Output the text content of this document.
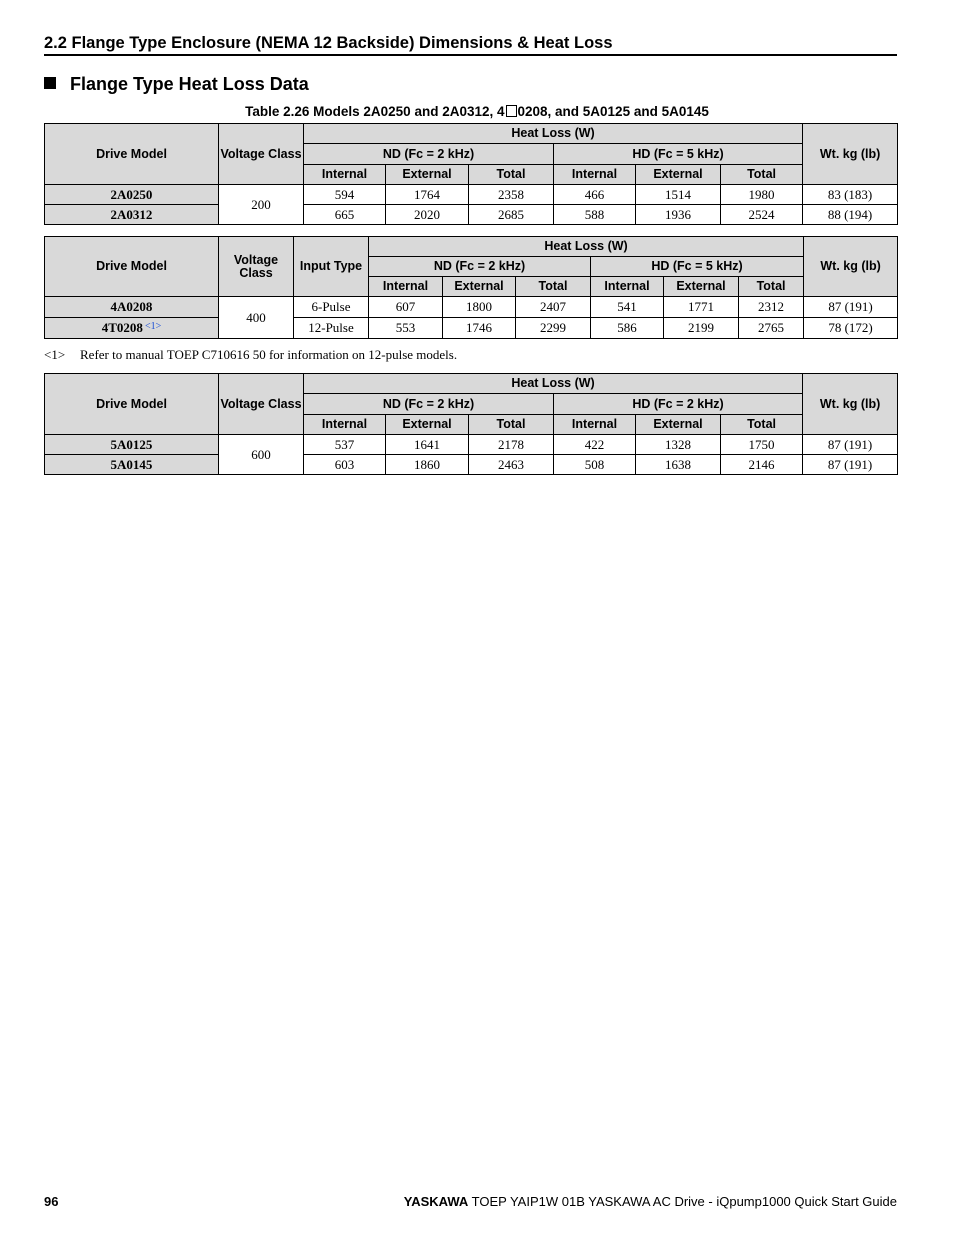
2.2 Flange Type Enclosure (NEMA 12 Backside) Dimensions & Heat Loss
Flange Type Heat Loss Data
Table 2.26 Models 2A0250 and 2A0312, 4 0208, and 5A0125 and 5A0145
Drive Model	Voltage Class	Heat Loss (W)						Wt. kg (lb)
		ND (Fc = 2 kHz)			HD (Fc = 5 kHz)			
		Internal	External	Total	Internal	External	Total	
2A0250	200	594	1764	2358	466	1514	1980	83 (183)
2A0312		665	2020	2685	588	1936	2524	88 (194)
Drive Model	Voltage Class	Input Type	Heat Loss (W)						Wt. kg (lb)
			ND (Fc = 2 kHz)			HD (Fc = 5 kHz)			
			Internal	External	Total	Internal	External	Total	
4A0208	400	6-Pulse	607	1800	2407	541	1771	2312	87 (191)
4T0208 $^{<1>}$		12-Pulse	553	1746	2299	586	2199	2765	78 (172)
<1> Refer to manual TOEP C710616 50 for information on 12-pulse models.
Drive Model	Voltage Class	Heat Loss (W)						Wt. kg (lb)
		ND (Fc = 2 kHz)			HD (Fc = 2 kHz)			
		Internal	External	Total	Internal	External	Total	
5A0125	600	537	1641	2178	422	1328	1750	87 (191)
5A0145		603	1860	2463	508	1638	2146	87 (191)
96	YASKAWA TOEP YAIP1W 01B YASKAWA AC Drive - iQpump1000 Quick Start Guide
